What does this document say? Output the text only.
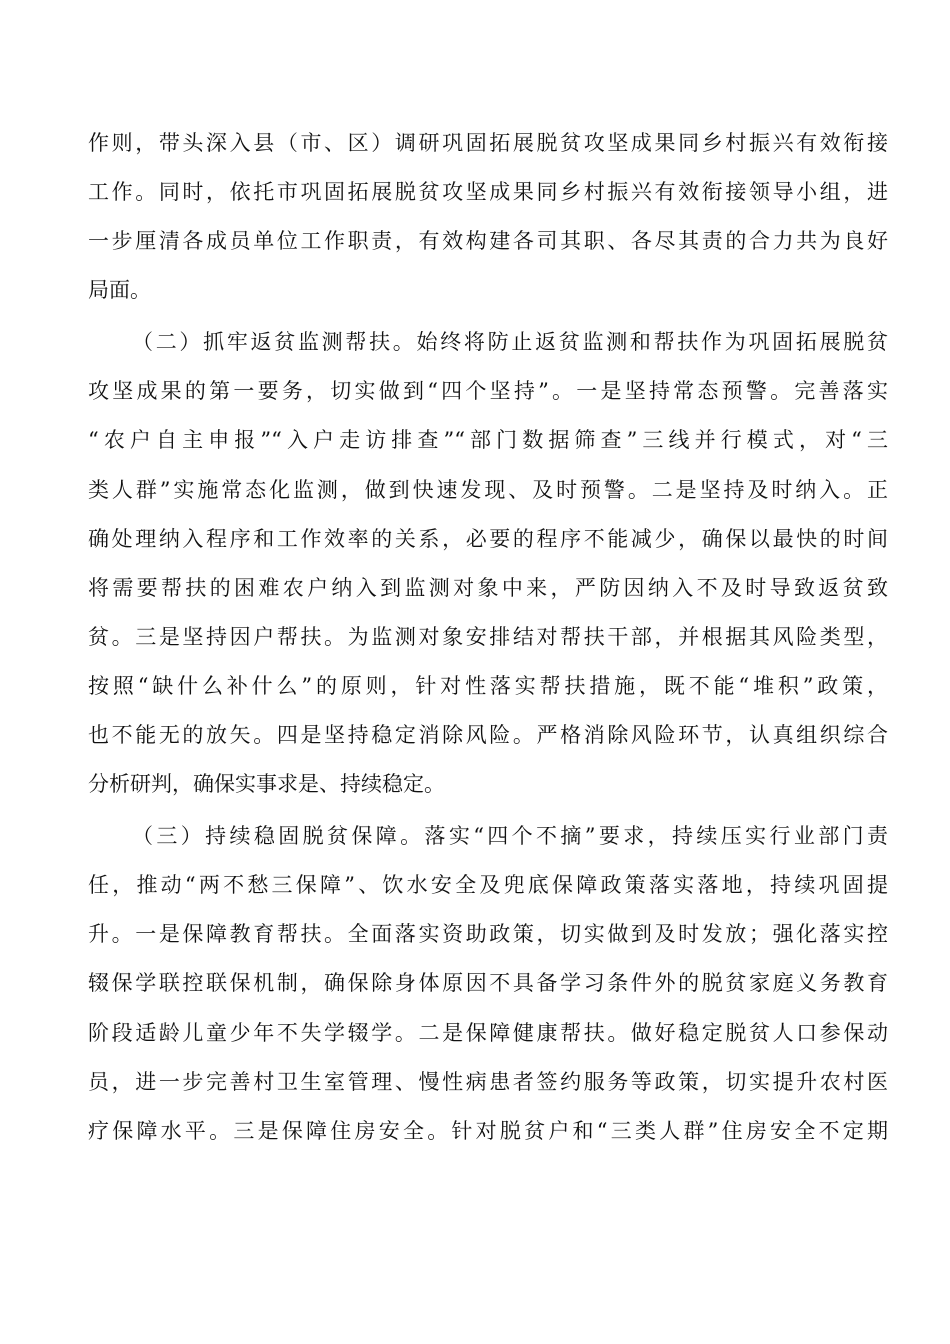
作则，带头深入县（市、区）调研巩固拓展脱贫攻坚成果同乡村振兴有效衔接
工作。同时，依托市巩固拓展脱贫攻坚成果同乡村振兴有效衔接领导小组，进
一步厘清各成员单位工作职责，有效构建各司其职、各尽其责的合力共为良好
局面。
（二）抓牢返贫监测帮扶。始终将防止返贫监测和帮扶作为巩固拓展脱贫
攻坚成果的第一要务，切实做到“四个坚持”。一是坚持常态预警。完善落实
“农户自主申报”“入户走访排查”“部门数据筛查”三线并行模式，对“三
类人群”实施常态化监测，做到快速发现、及时预警。二是坚持及时纳入。正
确处理纳入程序和工作效率的关系，必要的程序不能减少，确保以最快的时间
将需要帮扶的困难农户纳入到监测对象中来，严防因纳入不及时导致返贫致
贫。三是坚持因户帮扶。为监测对象安排结对帮扶干部，并根据其风险类型，
按照“缺什么补什么”的原则，针对性落实帮扶措施，既不能“堆积”政策，
也不能无的放矢。四是坚持稳定消除风险。严格消除风险环节，认真组织综合
分析研判，确保实事求是、持续稳定。
（三）持续稳固脱贫保障。落实“四个不摘”要求，持续压实行业部门责
任，推动“两不愁三保障”、饮水安全及兜底保障政策落实落地，持续巩固提
升。一是保障教育帮扶。全面落实资助政策，切实做到及时发放；强化落实控
辍保学联控联保机制，确保除身体原因不具备学习条件外的脱贫家庭义务教育
阶段适龄儿童少年不失学辍学。二是保障健康帮扶。做好稳定脱贫人口参保动
员，进一步完善村卫生室管理、慢性病患者签约服务等政策，切实提升农村医
疗保障水平。三是保障住房安全。针对脱贫户和“三类人群”住房安全不定期
